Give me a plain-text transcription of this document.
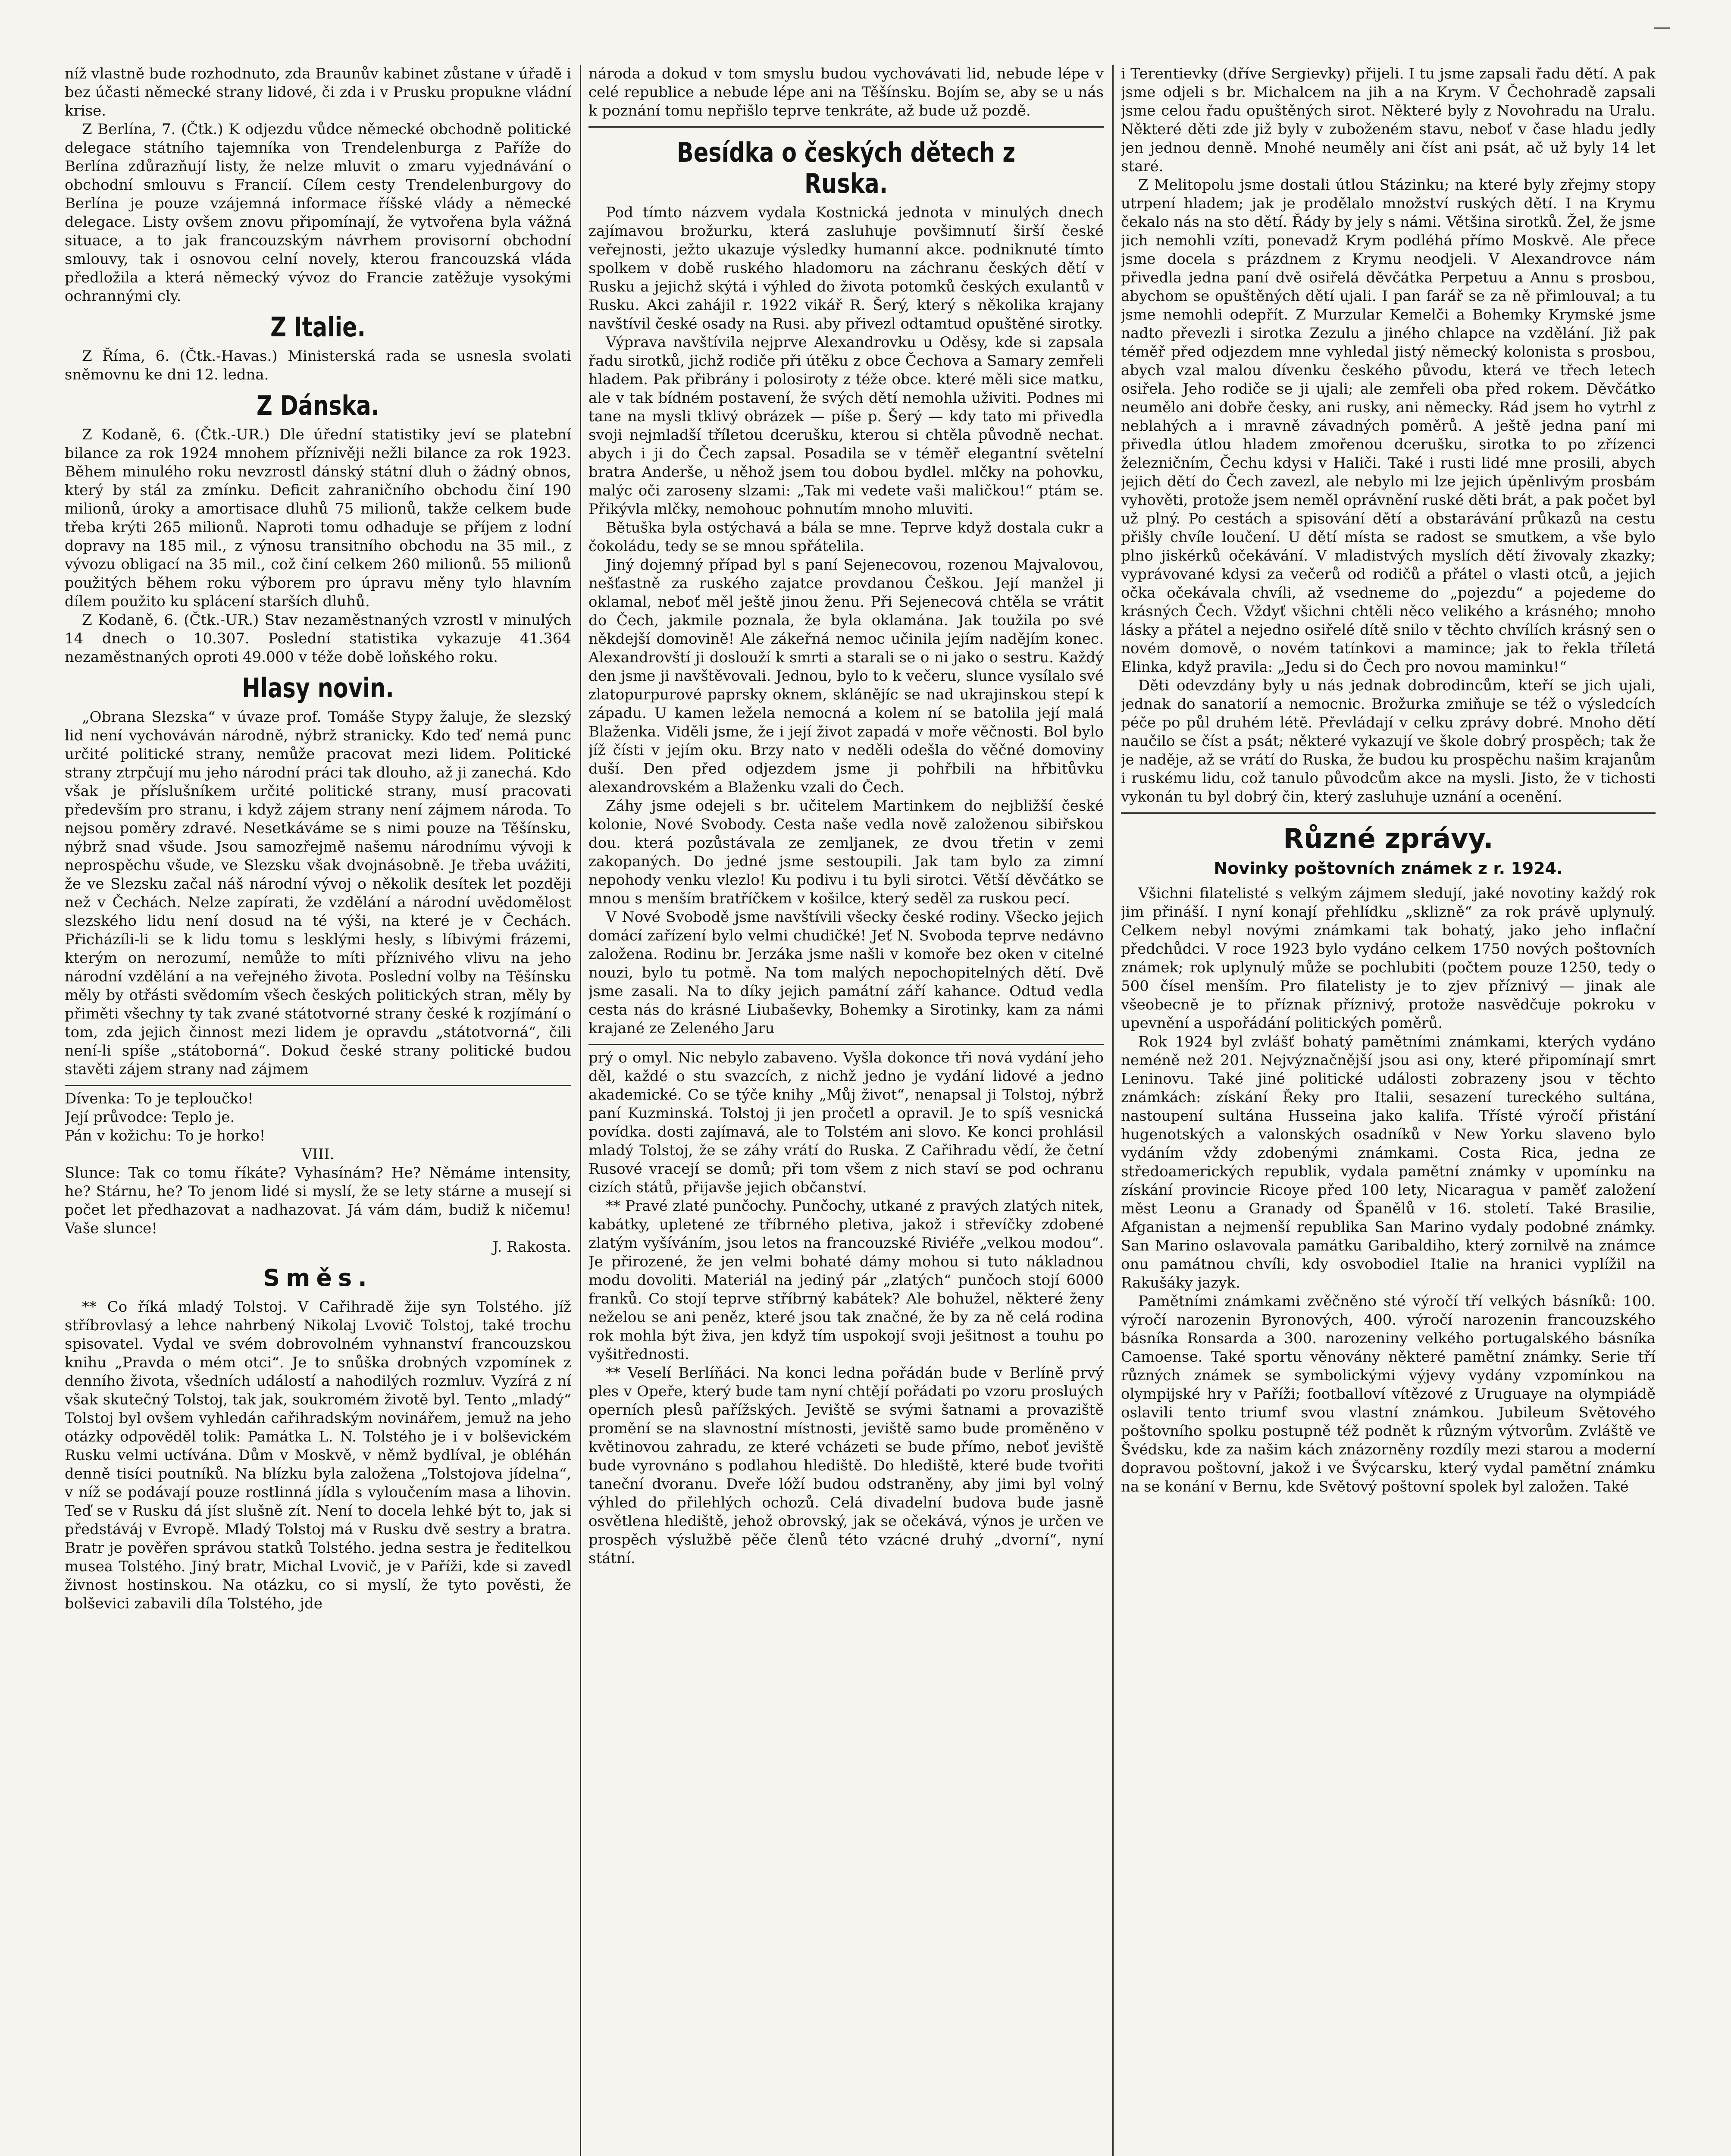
—

níž vlastně bude rozhodnuto, zda Braunův kabinet zůstane v úřadě i bez účasti německé strany lidové, či zda i v Prusku propukne vládní krise.

Z Berlína, 7. (Čtk.) K odjezdu vůdce německé obchodně politické delegace státního tajemníka von Trendelenburga z Paříže do Berlína zdůrazňují listy, že nelze mluvit o zmaru vyjednávání o obchodní smlouvu s Francií. Cílem cesty Trendelenburgovy do Berlína je pouze vzájemná informace říšské vlády a německé delegace. Listy ovšem znovu připomínají, že vytvořena byla vážná situace, a to jak francouzským návrhem provisorní obchodní smlouvy, tak i osnovou celní novely, kterou francouzská vláda předložila a která německý vývoz do Francie zatěžuje vysokými ochrannými cly.

Z Italie.

Z Říma, 6. (Čtk.-Havas.) Ministerská rada se usnesla svolati sněmovnu ke dni 12. ledna.

Z Dánska.

Z Kodaně, 6. (Čtk.-UR.) Dle úřední statistiky jeví se platební bilance za rok 1924 mnohem příznivěji nežli bilance za rok 1923. Během minulého roku nevzrostl dánský státní dluh o žádný obnos, který by stál za zmínku. Deficit zahraničního obchodu činí 190 milionů, úroky a amortisace dluhů 75 milionů, takže celkem bude třeba krýti 265 milionů. Naproti tomu odhaduje se příjem z lodní dopravy na 185 mil., z výnosu transitního obchodu na 35 mil., z vývozu obligací na 35 mil., což činí celkem 260 milionů. 55 milionů použitých během roku výborem pro úpravu měny tylo hlavním dílem použito ku splácení starších dluhů.

Z Kodaně, 6. (Čtk.-UR.) Stav nezaměstnaných vzrostl v minulých 14 dnech o 10.307. Poslední statistika vykazuje 41.364 nezaměstnaných oproti 49.000 v téže době loňského roku.

Hlasy novin.

„Obrana Slezska“ v úvaze prof. Tomáše Stypy žaluje, že slezský lid není vychováván národně, nýbrž stranicky. Kdo teď nemá punc určité politické strany, nemůže pracovat mezi lidem. Politické strany ztrpčují mu jeho národní práci tak dlouho, až ji zanechá. Kdo však je příslušníkem určité politické strany, musí pracovati především pro stranu, i když zájem strany není zájmem národa. To nejsou poměry zdravé. Nesetkáváme se s nimi pouze na Těšínsku, nýbrž snad všude. Jsou samozřejmě našemu národnímu vývoji k neprospěchu všude, ve Slezsku však dvojnásobně. Je třeba uvážiti, že ve Slezsku začal náš národní vývoj o několik desítek let později než v Čechách. Nelze zapírati, že vzdělání a národní uvědomělost slezského lidu není dosud na té výši, na které je v Čechách. Přicházíli-li se k lidu tomu s lesklými hesly, s líbivými frázemi, kterým on nerozumí, nemůže to míti příznivého vlivu na jeho národní vzdělání a na veřejného života. Poslední volby na Těšínsku měly by otřásti svědomím všech českých politických stran, měly by přiměti všechny ty tak zvané státotvorné strany české k rozjímání o tom, zda jejich činnost mezi lidem je opravdu „státotvorná“, čili není-li spíše „státoborná“. Dokud české strany politické budou stavěti zájem strany nad zájmem

Dívenka: To je teploučko!

Její průvodce: Teplo je.

Pán v kožichu: To je horko!

VIII.

Slunce: Tak co tomu říkáte? Vyhasínám? He? Němáme intensity, he? Stárnu, he? To jenom lidé si myslí, že se lety stárne a musejí si počet let předhazovat a nadhazovat. Já vám dám, budiž k ničemu! Vaše slunce!

J. Rakosta.

Směs.

** Co říká mladý Tolstoj. V Cařihradě žije syn Tolstého. jíž stříbrovlasý a lehce nahrbený Nikolaj Lvovič Tolstoj, také trochu spisovatel. Vydal ve svém dobrovolném vyhnanství francouzskou knihu „Pravda o mém otci“. Je to snůška drobných vzpomínek z denního života, všedních událostí a nahodilých rozmluv. Vyzírá z ní však skutečný Tolstoj, tak jak, soukromém životě byl. Tento „mladý“ Tolstoj byl ovšem vyhledán cařihradským novinářem, jemuž na jeho otázky odpověděl tolik: Památka L. N. Tolstého je i v bolševickém Rusku velmi uctívána. Dům v Moskvě, v němž bydlíval, je obléhán denně tisíci poutníků. Na blízku byla založena „Tolstojova jídelna“, v níž se podávají pouze rostlinná jídla s vyloučením masa a lihovin. Teď se v Rusku dá jíst slušně zít. Není to docela lehké být to, jak si předstáváj v Evropě. Mladý Tolstoj má v Rusku dvě sestry a bratra. Bratr je pověřen správou statků Tolstého. jedna sestra je ředitelkou musea Tolstého. Jiný bratr, Michal Lvovič, je v Paříži, kde si zavedl živnost hostinskou. Na otázku, co si myslí, že tyto pověsti, že bolševici zabavili díla Tolstého, jde

národa a dokud v tom smyslu budou vychovávati lid, nebude lépe v celé republice a nebude lépe ani na Těšínsku. Bojím se, aby se u nás k poznání tomu nepřišlo teprve tenkráte, až bude už pozdě.

Besídka o českých dětech z Ruska.

Pod tímto názvem vydala Kostnická jednota v minulých dnech zajímavou brožurku, která zasluhuje povšimnutí širší české veřejnosti, ježto ukazuje výsledky humanní akce. podniknuté tímto spolkem v době ruského hladomoru na záchranu českých dětí v Rusku a jejichž skýtá i výhled do života potomků českých exulantů v Rusku. Akci zahájil r. 1922 vikář R. Šerý, který s několika krajany navštívil české osady na Rusi. aby přivezl odtamtud opuštěné sirotky.

Výprava navštívila nejprve Alexandrovku u Oděsy, kde si zapsala řadu sirotků, jichž rodiče při útěku z obce Čechova a Samary zemřeli hladem. Pak přibrány i polosiroty z téže obce. které měli sice matku, ale v tak bídném postavení, že svých dětí nemohla uživiti. Podnes mi tane na mysli tklivý obrázek — píše p. Šerý — kdy tato mi přivedla svoji nejmladší tříletou dcerušku, kterou si chtěla původně nechat. abych i ji do Čech zapsal. Posadila se v téměř elegantní světelní bratra Anderše, u něhož jsem tou dobou bydlel. mlčky na pohovku, malýc oči zaroseny slzami: „Tak mi vedete vaši maličkou!“ ptám se. Přikývla mlčky, nemohouc pohnutím mnoho mluviti.

Bětuška byla ostýchavá a bála se mne. Teprve když dostala cukr a čokoládu, tedy se se mnou spřátelila.

Jiný dojemný případ byl s paní Sejenecovou, rozenou Majvalovou, nešťastně za ruského zajatce provdanou Češkou. Její manžel ji oklamal, neboť měl ještě jinou ženu. Při Sejenecová chtěla se vrátit do Čech, jakmile poznala, že byla oklamána. Jak toužila po své někdejší domovině! Ale zákeřná nemoc učinila jejím nadějím konec. Alexandrovští ji doslouží k smrti a starali se o ni jako o sestru. Každý den jsme ji navštěvovali. Jednou, bylo to k večeru, slunce vysílalo své zlatopurpurové paprsky oknem, sklánějíc se nad ukrajinskou stepí k západu. U kamen ležela nemocná a kolem ní se batolila její malá Blaženka. Viděli jsme, že i její život zapadá v moře věčnosti. Bol bylo jíž čísti v jejím oku. Brzy nato v neděli odešla do věčné domoviny duší. Den před odjezdem jsme ji pohřbili na hřbitůvku alexandrovském a Blaženku vzali do Čech.

Záhy jsme odejeli s br. učitelem Martinkem do nejbližší české kolonie, Nové Svobody. Cesta naše vedla nově založenou sibiřskou dou. která pozůstávala ze zemljanek, ze dvou třetin v zemi zakopaných. Do jedné jsme sestoupili. Jak tam bylo za zimní nepohody venku vlezlo! Ku podivu i tu byli sirotci. Větší děvčátko se mnou s menším bratříčkem v košilce, který seděl za ruskou pecí.

V Nové Svobodě jsme navštívili všecky české rodiny. Všecko jejich domácí zařízení bylo velmi chudičké! Jeť N. Svoboda teprve nedávno založena. Rodinu br. Jerzáka jsme našli v komoře bez oken v citelné nouzi, bylo tu potmě. Na tom malých nepochopitelných dětí. Dvě jsme zasali. Na to díky jejich památní září kahance. Odtud vedla cesta nás do krásné Liubaševky, Bohemky a Sirotinky, kam za námi krajané ze Zeleného Jaru

prý o omyl. Nic nebylo zabaveno. Vyšla dokonce tři nová vydání jeho děl, každé o stu svazcích, z nichž jedno je vydání lidové a jedno akademické. Co se týče knihy „Můj život“, nenapsal ji Tolstoj, nýbrž paní Kuzminská. Tolstoj ji jen pročetl a opravil. Je to spíš vesnická povídka. dosti zajímavá, ale to Tolstém ani slovo. Ke konci prohlásil mladý Tolstoj, že se záhy vrátí do Ruska. Z Cařihradu vědí, že četní Rusové vracejí se domů; při tom všem z nich staví se pod ochranu cizích států, přijavše jejich občanství.

** Pravé zlaté punčochy. Punčochy, utkané z pravých zlatých nitek, kabátky, upletené ze tříbrného pletiva, jakož i střevíčky zdobené zlatým vyšíváním, jsou letos na francouzské Riviéře „velkou modou“. Je přirozené, že jen velmi bohaté dámy mohou si tuto nákladnou modu dovoliti. Materiál na jediný pár „zlatých“ punčoch stojí 6000 franků. Co stojí teprve stříbrný kabátek? Ale bohužel, některé ženy neželou se ani peněz, které jsou tak značné, že by za ně celá rodina rok mohla být živa, jen když tím uspokojí svoji ješitnost a touhu po vyšitřednosti.

** Veselí Berlíňáci. Na konci ledna pořádán bude v Berlíně prvý ples v Opeře, který bude tam nyní chtějí pořádati po vzoru prosluých operních plesů pařížských. Jeviště se svými šatnami a provaziště promění se na slavnostní místnosti, jeviště samo bude proměněno v květinovou zahradu, ze které vcházeti se bude přímo, neboť jeviště bude vyrovnáno s podlahou hlediště. Do hlediště, které bude tvořiti taneční dvoranu. Dveře lóží budou odstraněny, aby jimi byl volný výhled do přilehlých ochozů. Celá divadelní budova bude jasně osvětlena hlediště, jehož obrovský, jak se očekává, výnos je určen ve prospěch výslužbě pěče členů této vzácné druhý „dvorní“, nyní státní.

i Terentievky (dříve Sergievky) přijeli. I tu jsme zapsali řadu dětí. A pak jsme odjeli s br. Michalcem na jih a na Krym. V Čechohradě zapsali jsme celou řadu opuštěných sirot. Některé byly z Novohradu na Uralu. Některé děti zde již byly v zuboženém stavu, neboť v čase hladu jedly jen jednou denně. Mnohé neuměly ani číst ani psát, ač už byly 14 let staré.

Z Melitopolu jsme dostali útlou Stázinku; na které byly zřejmy stopy utrpení hladem; jak je prodělalo množství ruských dětí. I na Krymu čekalo nás na sto dětí. Řády by jely s námi. Většina sirotků. Žel, že jsme jich nemohli vzíti, ponevadž Krym podléhá přímo Moskvě. Ale přece jsme docela s prázdnem z Krymu neodjeli. V Alexandrovce nám přivedla jedna paní dvě osiřelá děvčátka Perpetuu a Annu s prosbou, abychom se opuštěných dětí ujali. I pan farář se za ně přimlouval; a tu jsme nemohli odepřít. Z Murzular Kemelči a Bohemky Krymské jsme nadto převezli i sirotka Zezulu a jiného chlapce na vzdělání. Již pak téměř před odjezdem mne vyhledal jistý německý kolonista s prosbou, abych vzal malou dívenku českého původu, která ve třech letech osiřela. Jeho rodiče se ji ujali; ale zemřeli oba před rokem. Děvčátko neumělo ani dobře česky, ani rusky, ani německy. Rád jsem ho vytrhl z neblahých a i mravně závadných poměrů. A ještě jedna paní mi přivedla útlou hladem zmořenou dcerušku, sirotka to po zřízenci železničním, Čechu kdysi v Haliči. Také i rusti lidé mne prosili, abych jejich dětí do Čech zavezl, ale nebylo mi lze jejich úpěnlivým prosbám vyhověti, protože jsem neměl oprávnění ruské děti brát, a pak počet byl už plný. Po cestách a spisování dětí a obstarávání průkazů na cestu přišly chvíle loučení. U dětí místa se radost se smutkem, a vše bylo plno jiskérků očekávání. V mladistvých myslích dětí živovaly zkazky; vyprávované kdysi za večerů od rodičů a přátel o vlasti otců, a jejich očka očekávala chvíli, až vsedneme do „pojezdu“ a pojedeme do krásných Čech. Vždyť všichni chtěli něco velikého a krásného; mnoho lásky a přátel a nejedno osiřelé dítě snilo v těchto chvílích krásný sen o novém domově, o novém tatínkovi a mamince; jak to řekla tříletá Elinka, když pravila: „Jedu si do Čech pro novou maminku!“

Děti odevzdány byly u nás jednak dobrodincům, kteří se jich ujali, jednak do sanatorií a nemocnic. Brožurka zmiňuje se též o výsledcích péče po půl druhém létě. Převládají v celku zprávy dobré. Mnoho dětí naučilo se číst a psát; některé vykazují ve škole dobrý prospěch; tak že je naděje, až se vrátí do Ruska, že budou ku prospěchu našim krajanům i ruskému lidu, což tanulo původcům akce na mysli. Jisto, že v tichosti vykonán tu byl dobrý čin, který zasluhuje uznání a ocenění.

Různé zprávy.
Novinky poštovních známek z r. 1924.

Všichni filatelisté s velkým zájmem sledují, jaké novotiny každý rok jim přináší. I nyní konají přehlídku „sklizně“ za rok právě uplynulý. Celkem nebyl novými známkami tak bohatý, jako jeho inflační předchůdci. V roce 1923 bylo vydáno celkem 1750 nových poštovních známek; rok uplynulý může se pochlubiti (počtem pouze 1250, tedy o 500 čísel menším. Pro filatelisty je to zjev příznivý — jinak ale všeobecně je to příznak příznivý, protože nasvědčuje pokroku v upevnění a uspořádání politických poměrů.

Rok 1924 byl zvlášť bohatý pamětními známkami, kterých vydáno neméně než 201. Nejvýznačnější jsou asi ony, které připomínají smrt Leninovu. Také jiné politické události zobrazeny jsou v těchto známkách: získání Řeky pro Italii, sesazení tureckého sultána, nastoupení sultána Husseina jako kalifa. Třísté výročí přistání hugenotských a valonských osadníků v New Yorku slaveno bylo vydáním vždy zdobenými známkami. Costa Rica, jedna ze středoamerických republik, vydala pamětní známky v upomínku na získání provincie Ricoye před 100 lety, Nicaragua v paměť založení měst Leonu a Granady od Španělů v 16. století. Také Brasilie, Afganistan a nejmenší republika San Marino vydaly podobné známky. San Marino oslavovala památku Garibaldiho, který zornilvě na známce onu památnou chvíli, kdy osvobodiel Italie na hranici vyplížil na Rakušáky jazyk.

Pamětními známkami zvěčněno sté výročí tří velkých básníků: 100. výročí narozenin Byronových, 400. výročí narozenin francouzského básníka Ronsarda a 300. narozeniny velkého portugalského básníka Camoense. Také sportu věnovány některé pamětní známky. Serie tří různých známek se symbolickými výjevy vydány vzpomínkou na olympijské hry v Paříži; footballoví vítězové z Uruguaye na olympiádě oslavili tento triumf svou vlastní známkou. Jubileum Světového poštovního spolku postupně též podnět k různým výtvorům. Zvláště ve Švédsku, kde za našim kách znázorněny rozdíly mezi starou a moderní dopravou poštovní, jakož i ve Švýcarsku, který vydal pamětní známku na se konání v Bernu, kde Světový poštovní spolek byl založen. Také
